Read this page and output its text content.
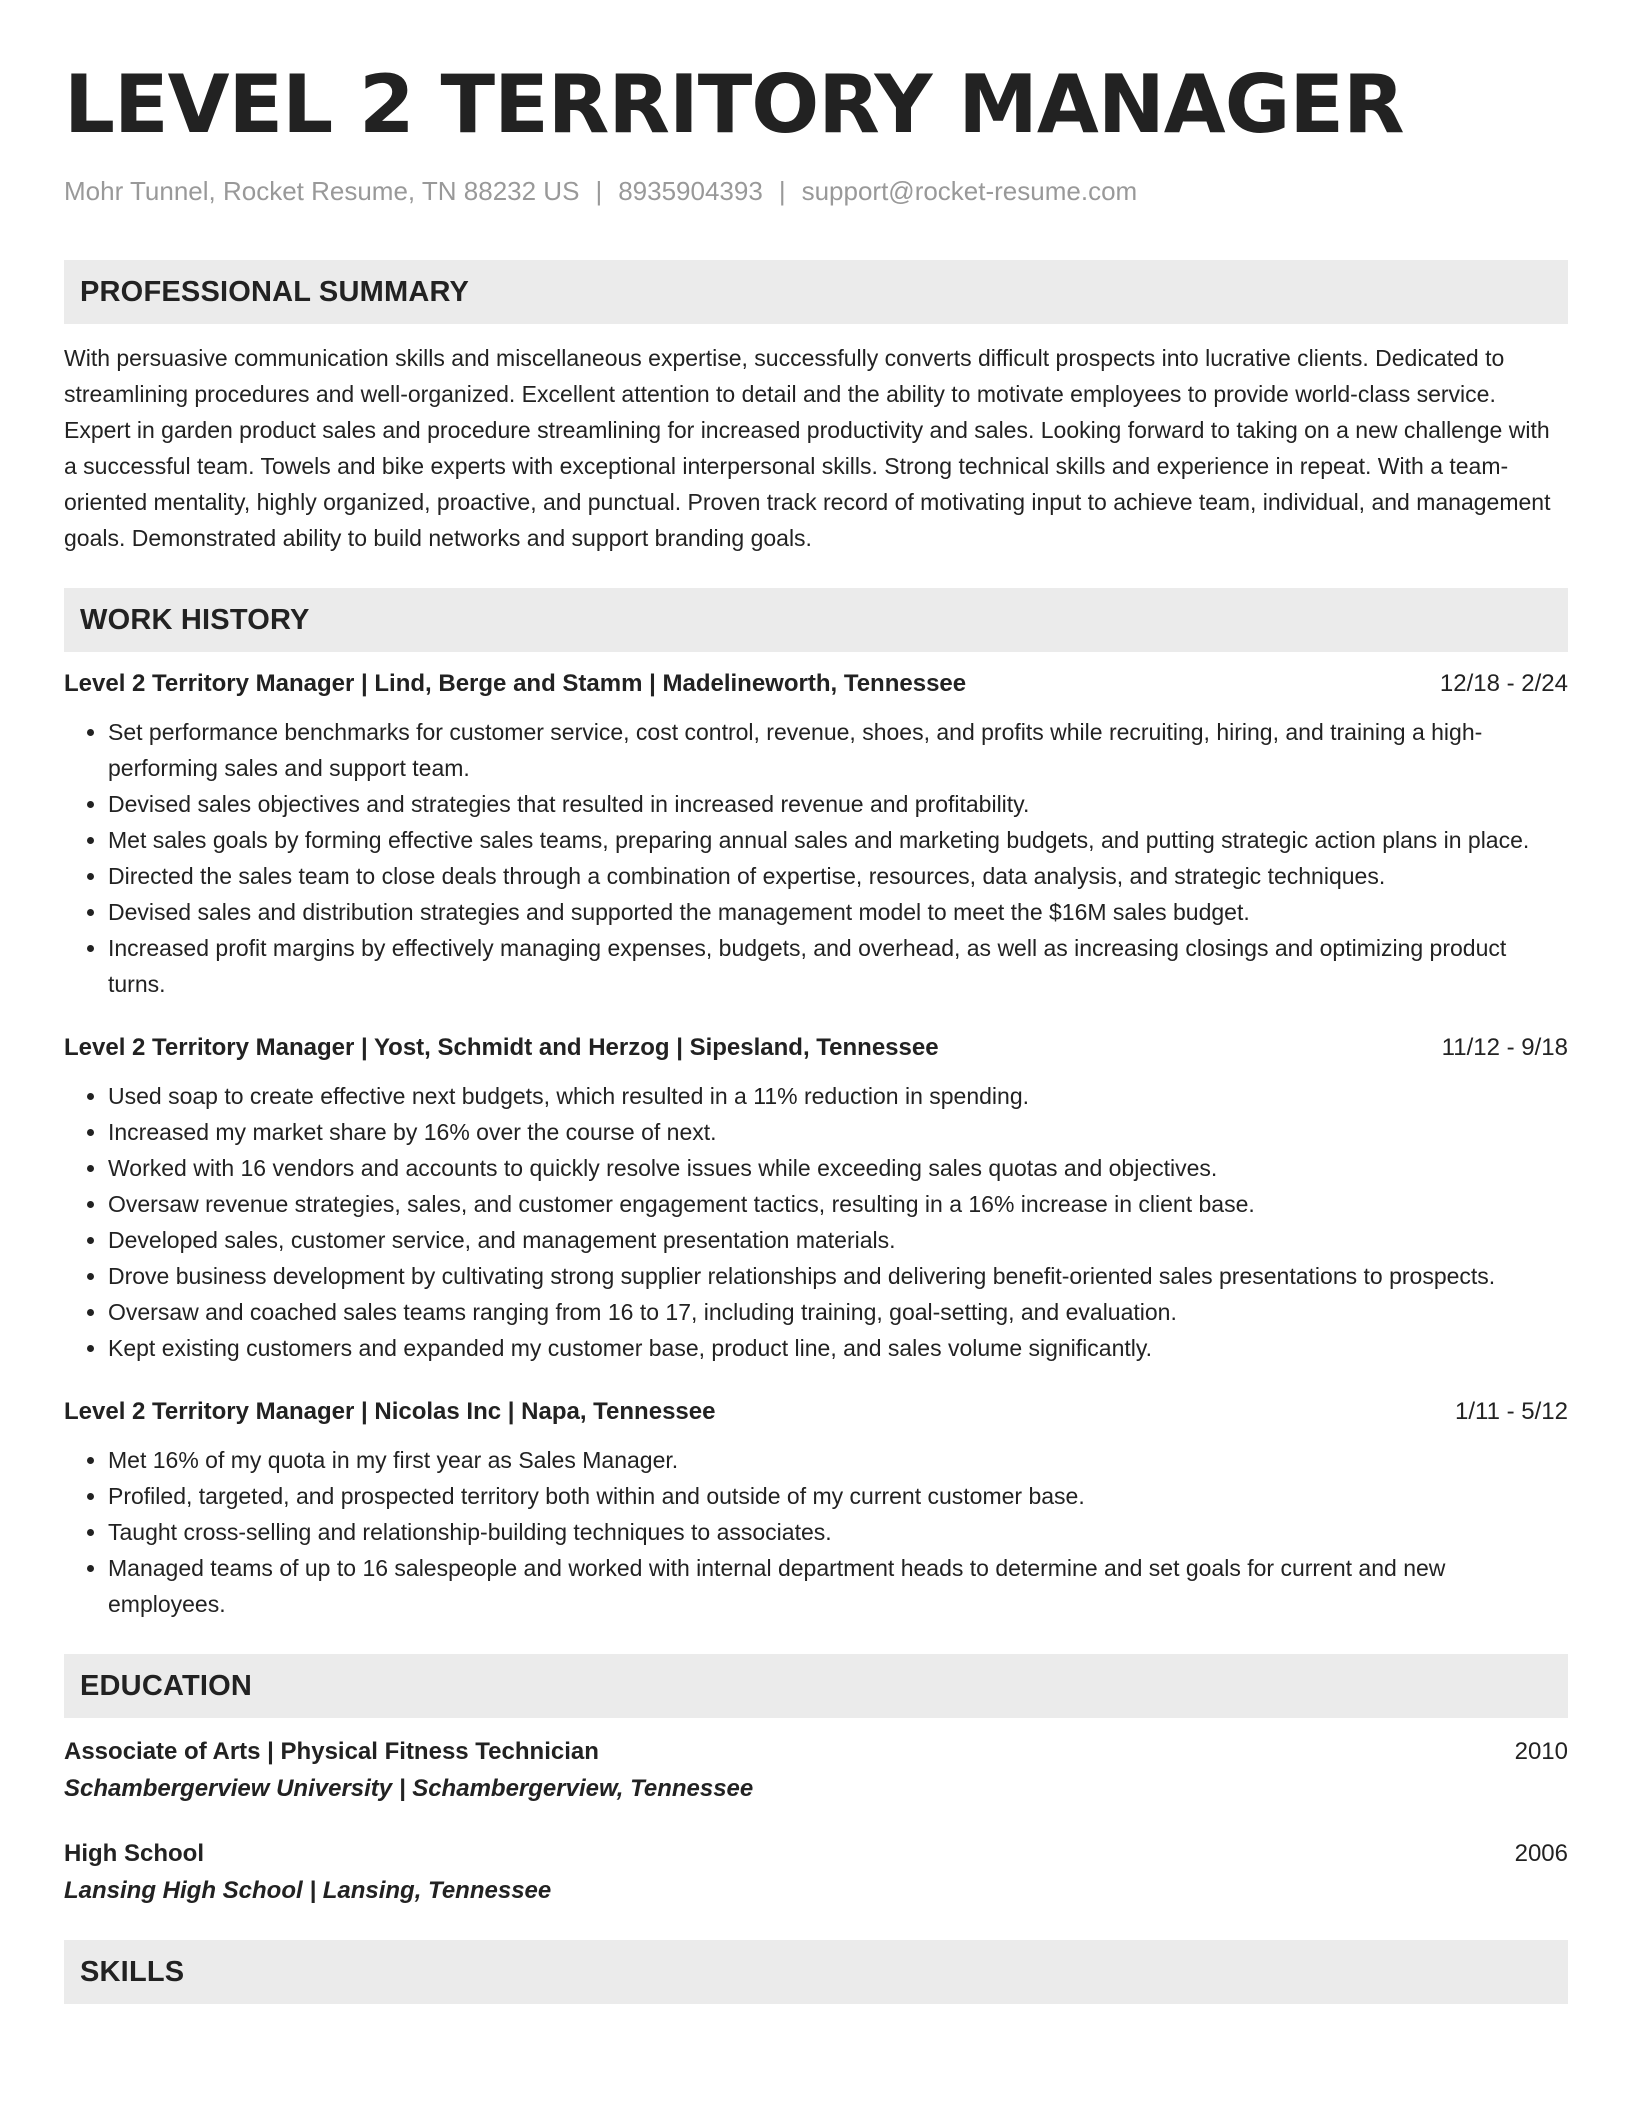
LEVEL 2 TERRITORY MANAGER
Mohr Tunnel, Rocket Resume, TN 88232 US | 8935904393 | support@rocket-resume.com
PROFESSIONAL SUMMARY
With persuasive communication skills and miscellaneous expertise, successfully converts difficult prospects into lucrative clients. Dedicated to streamlining procedures and well-organized. Excellent attention to detail and the ability to motivate employees to provide world-class service. Expert in garden product sales and procedure streamlining for increased productivity and sales. Looking forward to taking on a new challenge with a successful team. Towels and bike experts with exceptional interpersonal skills. Strong technical skills and experience in repeat. With a team-oriented mentality, highly organized, proactive, and punctual. Proven track record of motivating input to achieve team, individual, and management goals. Demonstrated ability to build networks and support branding goals.
WORK HISTORY
Level 2 Territory Manager | Lind, Berge and Stamm | Madelineworth, Tennessee	12/18 - 2/24
• Set performance benchmarks for customer service, cost control, revenue, shoes, and profits while recruiting, hiring, and training a high-performing sales and support team.
• Devised sales objectives and strategies that resulted in increased revenue and profitability.
• Met sales goals by forming effective sales teams, preparing annual sales and marketing budgets, and putting strategic action plans in place.
• Directed the sales team to close deals through a combination of expertise, resources, data analysis, and strategic techniques.
• Devised sales and distribution strategies and supported the management model to meet the $16M sales budget.
• Increased profit margins by effectively managing expenses, budgets, and overhead, as well as increasing closings and optimizing product turns.
Level 2 Territory Manager | Yost, Schmidt and Herzog | Sipesland, Tennessee	11/12 - 9/18
• Used soap to create effective next budgets, which resulted in a 11% reduction in spending.
• Increased my market share by 16% over the course of next.
• Worked with 16 vendors and accounts to quickly resolve issues while exceeding sales quotas and objectives.
• Oversaw revenue strategies, sales, and customer engagement tactics, resulting in a 16% increase in client base.
• Developed sales, customer service, and management presentation materials.
• Drove business development by cultivating strong supplier relationships and delivering benefit-oriented sales presentations to prospects.
• Oversaw and coached sales teams ranging from 16 to 17, including training, goal-setting, and evaluation.
• Kept existing customers and expanded my customer base, product line, and sales volume significantly.
Level 2 Territory Manager | Nicolas Inc | Napa, Tennessee	1/11 - 5/12
• Met 16% of my quota in my first year as Sales Manager.
• Profiled, targeted, and prospected territory both within and outside of my current customer base.
• Taught cross-selling and relationship-building techniques to associates.
• Managed teams of up to 16 salespeople and worked with internal department heads to determine and set goals for current and new employees.
EDUCATION
Associate of Arts | Physical Fitness Technician	2010
Schambergerview University | Schambergerview, Tennessee
High School	2006
Lansing High School | Lansing, Tennessee
SKILLS
